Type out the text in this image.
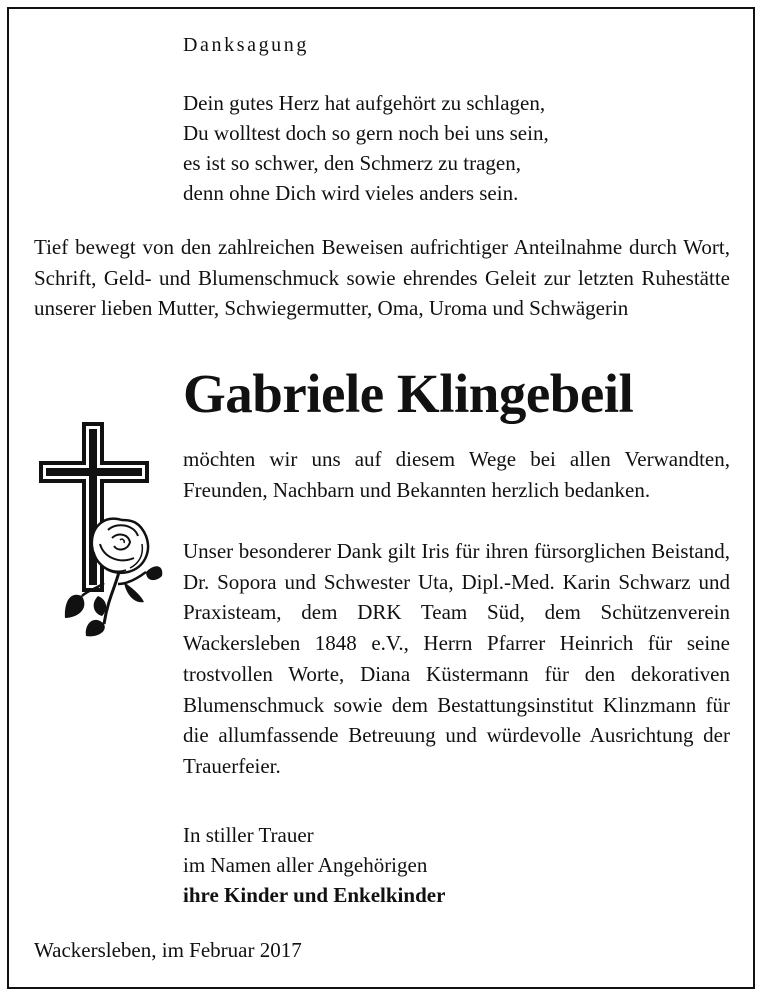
Danksagung
Dein gutes Herz hat aufgehört zu schlagen,
Du wolltest doch so gern noch bei uns sein,
es ist so schwer, den Schmerz zu tragen,
denn ohne Dich wird vieles anders sein.

Tief bewegt von den zahlreichen Beweisen aufrichtiger Anteilnahme durch Wort, Schrift, Geld- und Blumenschmuck sowie ehrendes Geleit zur letzten Ruhestätte unserer lieben Mutter, Schwiegermutter, Oma, Uroma und Schwägerin

Gabriele Klingebeil

möchten wir uns auf diesem Wege bei allen Verwandten, Freunden, Nachbarn und Bekannten herzlich bedanken.

Unser besonderer Dank gilt Iris für ihren fürsorglichen Beistand, Dr. Sopora und Schwester Uta, Dipl.-Med. Karin Schwarz und Praxisteam, dem DRK Team Süd, dem Schützenverein Wackersleben 1848 e.V., Herrn Pfarrer Heinrich für seine trostvollen Worte, Diana Küstermann für den dekorativen Blumenschmuck sowie dem Bestattungsinstitut Klinzmann für die allumfassende Betreuung und würdevolle Ausrichtung der Trauerfeier.

In stiller Trauer
im Namen aller Angehörigen
ihre Kinder und Enkelkinder
Wackersleben, im Februar 2017
